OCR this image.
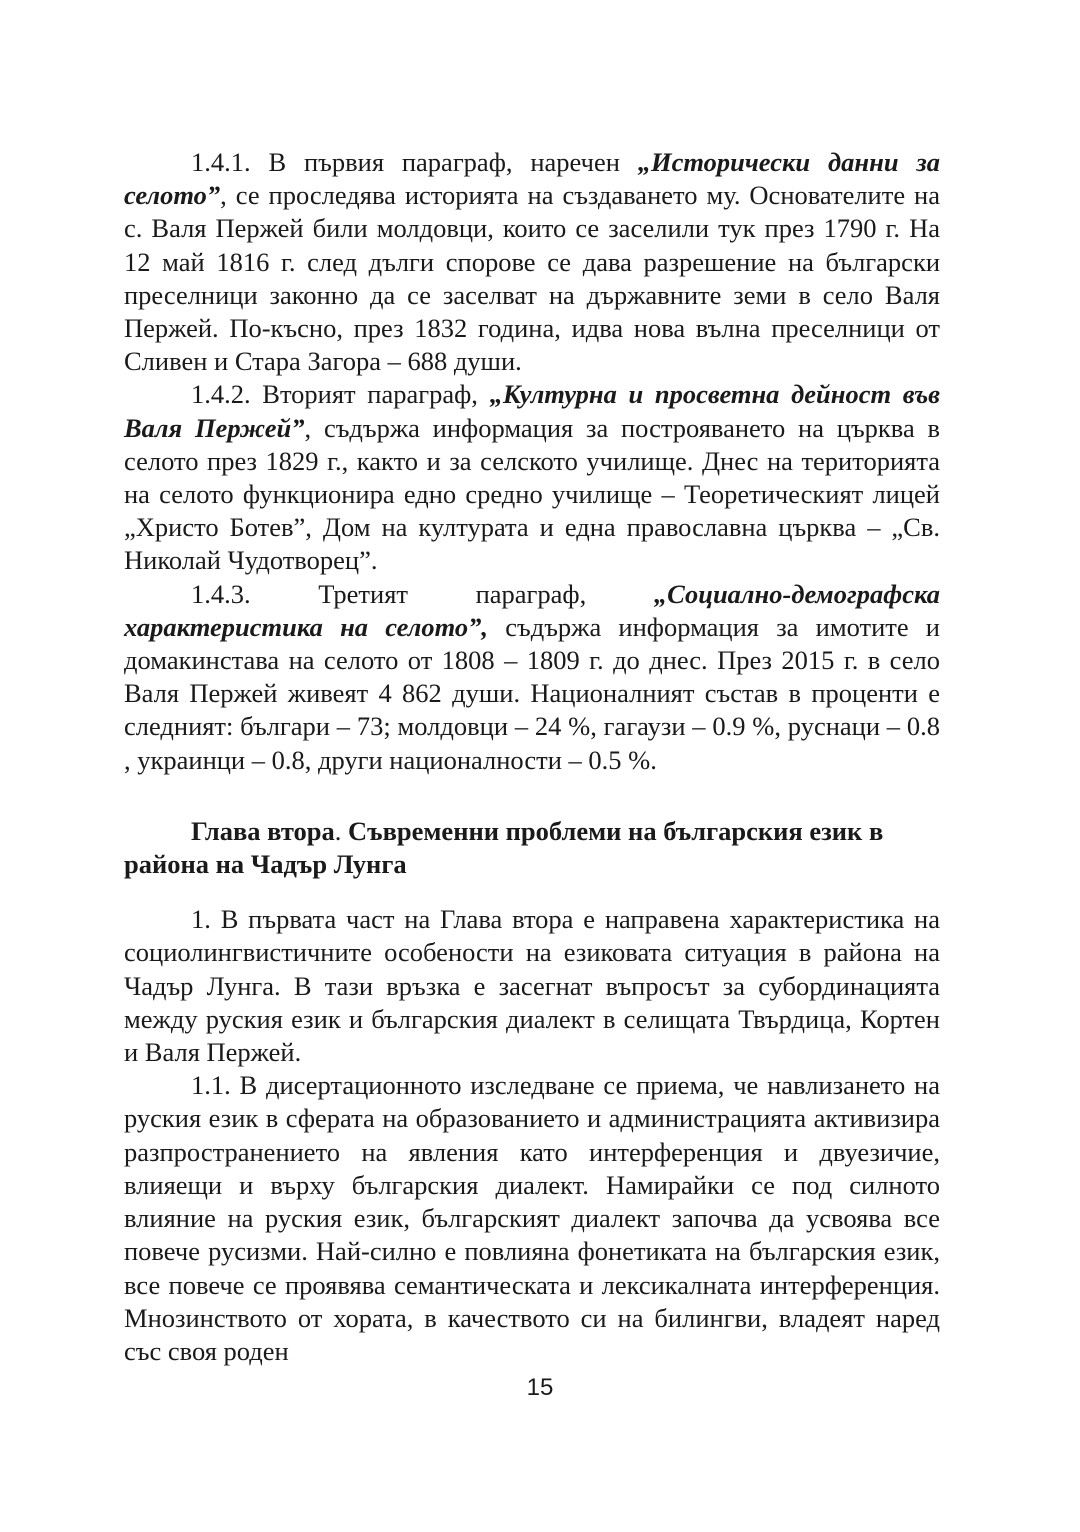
1.4.1. В първия параграф, наречен „Исторически данни за селото”, се проследява историята на създаването му. Основателите на с. Валя Пержей били молдовци, които се заселили тук през 1790 г. На 12 май 1816 г. след дълги спорове се дава разрешение на български преселници законно да се заселват на държавните земи в село Валя Пержей. По-късно, през 1832 година, идва нова вълна преселници от Сливен и Стара Загора – 688 души.

1.4.2. Вторият параграф, „Културна и просветна дейност във Валя Пержей”, съдържа информация за построяването на църква в селото през 1829 г., както и за селското училище. Днес на територията на селото функционира едно средно училище – Теоретическият лицей „Христо Ботев”, Дом на културата и една православна църква – „Св. Николай Чудотворец”.

1.4.3. Третият параграф, „Социално-демографска характеристика на селото”, съдържа информация за имотите и домакинстава на селото от 1808 – 1809 г. до днес. През 2015 г. в село Валя Пержей живеят 4 862 души. Националният състав в проценти е следният: българи – 73; молдовци – 24 %, гагаузи – 0.9 %, руснаци – 0.8 , украинци – 0.8, други националности – 0.5 %.

Глава втора. Съвременни проблеми на българския език в района на Чадър Лунга

1. В първата част на Глава втора е направена характеристика на социолингвистичните особености на езиковата ситуация в района на Чадър Лунга. В тази връзка е засегнат въпросът за субординацията между руския език и българския диалект в селищата Твърдица, Кортен и Валя Пержей.

1.1. В дисертационното изследване се приема, че навлизането на руския език в сферата на образованието и администрацията активизира разпространението на явления като интерференция и двуезичие, влияещи и върху българския диалект. Намирайки се под силното влияние на руския език, българският диалект започва да усвоява все повече русизми. Най-силно е повлияна фонетиката на българския език, все повече се проявява семантическата и лексикалната интерференция. Мнозинството от хората, в качеството си на билингви, владеят наред със своя роден

15
